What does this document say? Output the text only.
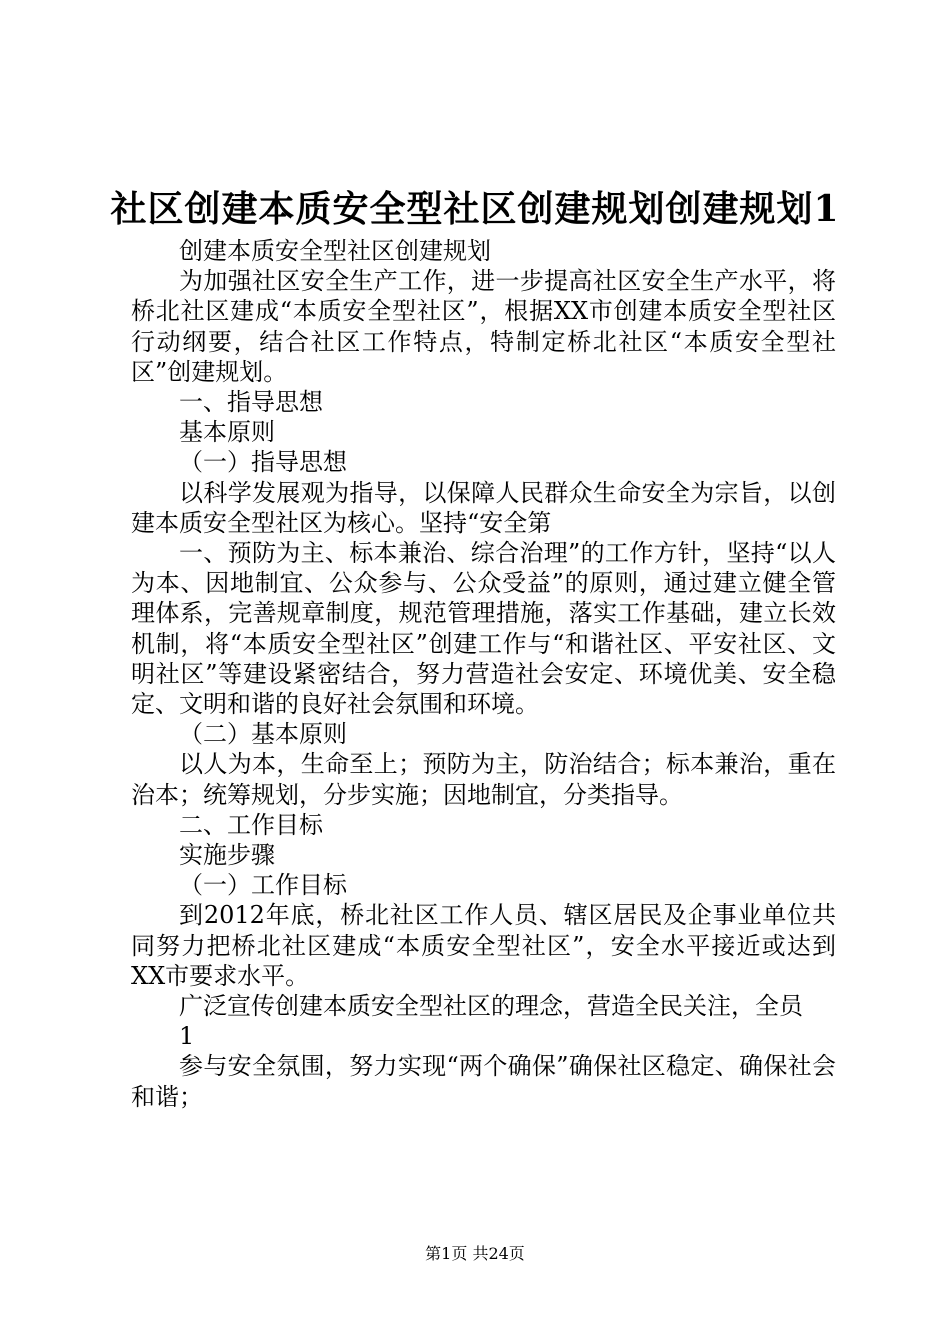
社区创建本质安全型社区创建规划创建规划1

创建本质安全型社区创建规划

为加强社区安全生产工作，进一步提高社区安全生产水平，将桥北社区建成“本质安全型社区”，根据XX市创建本质安全型社区行动纲要，结合社区工作特点，特制定桥北社区“本质安全型社区”创建规划。

一、指导思想

基本原则

（一）指导思想

以科学发展观为指导，以保障人民群众生命安全为宗旨，以创建本质安全型社区为核心。坚持“安全第

一、预防为主、标本兼治、综合治理”的工作方针，坚持“以人为本、因地制宜、公众参与、公众受益”的原则，通过建立健全管理体系，完善规章制度，规范管理措施，落实工作基础，建立长效机制，将“本质安全型社区”创建工作与“和谐社区、平安社区、文明社区”等建设紧密结合，努力营造社会安定、环境优美、安全稳定、文明和谐的良好社会氛围和环境。

（二）基本原则

以人为本，生命至上；预防为主，防治结合；标本兼治，重在治本；统筹规划，分步实施；因地制宜，分类指导。

二、工作目标

实施步骤

（一）工作目标

到2012年底，桥北社区工作人员、辖区居民及企事业单位共同努力把桥北社区建成“本质安全型社区”，安全水平接近或达到XX市要求水平。

广泛宣传创建本质安全型社区的理念，营造全民关注，全员

1

参与安全氛围，努力实现“两个确保”确保社区稳定、确保社会和谐；

第1页 共24页
